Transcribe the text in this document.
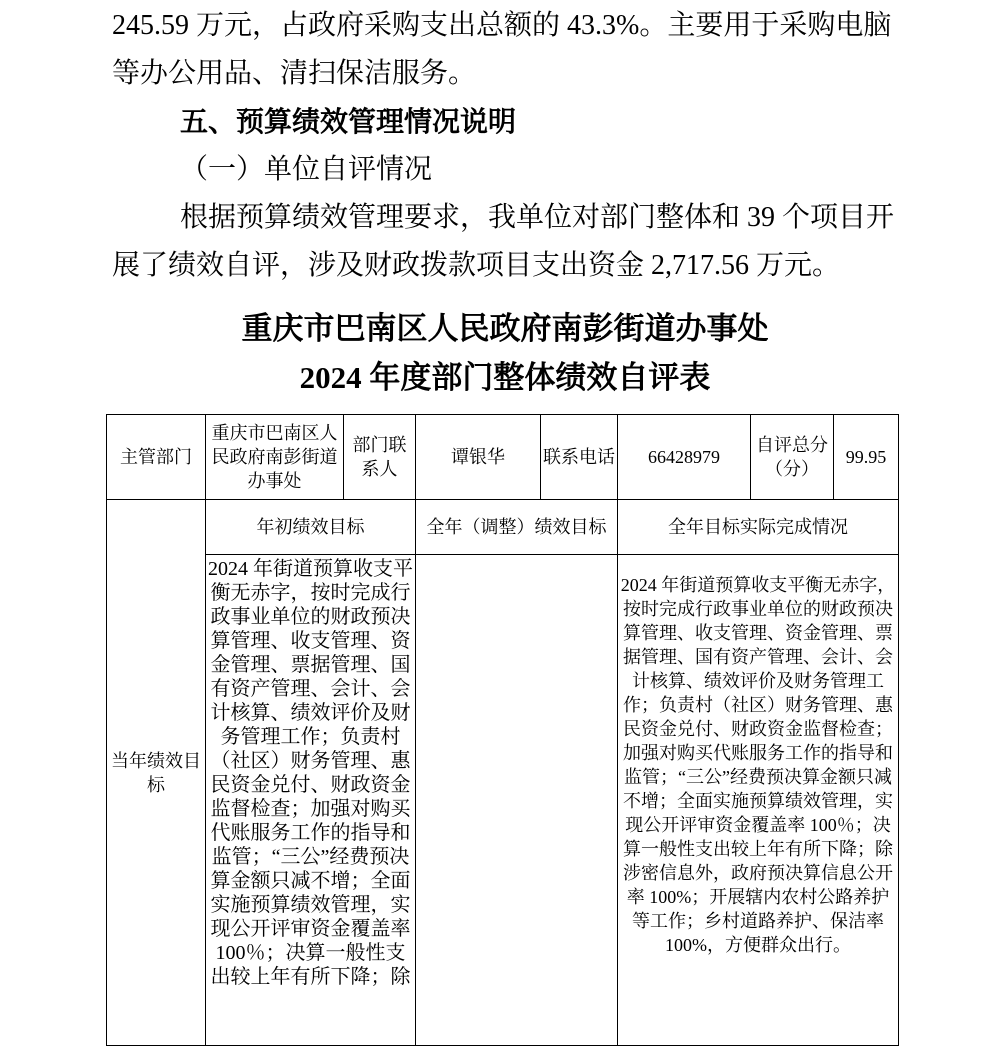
245.59 万元，占政府采购支出总额的 43.3%。主要用于采购电脑
等办公用品、清扫保洁服务。

五、预算绩效管理情况说明

（一）单位自评情况

根据预算绩效管理要求，我单位对部门整体和 39 个项目开
展了绩效自评，涉及财政拨款项目支出资金 2,717.56 万元。

重庆市巴南区人民政府南彭街道办事处
2024 年度部门整体绩效自评表
主管部门	重庆市巴南区人民政府南彭街道办事处	部门联系人	谭银华	联系电话	66428979	自评总分（分）	99.95
当年绩效目标	年初绩效目标		全年（调整）绩效目标		全年目标实际完成情况		

	2024 年街道预算收支平衡无赤字，按时完成行政事业单位的财政预决算管理、收支管理、资金管理、票据管理、国有资产管理、会计、会计核算、绩效评价及财务管理工作；负责村（社区）财务管理、惠民资金兑付、财政资金监督检查；加强对购买代账服务工作的指导和监管；“三公”经费预决算金额只减不增；全面实施预算绩效管理，实现公开评审资金覆盖率 100％；决算一般性支出较上年有所下降；除				2024 年街道预算收支平衡无赤字，按时完成行政事业单位的财政预决算管理、收支管理、资金管理、票据管理、国有资产管理、会计、会计核算、绩效评价及财务管理工作；负责村（社区）财务管理、惠民资金兑付、财政资金监督检查；加强对购买代账服务工作的指导和监管；“三公”经费预决算金额只减不增；全面实施预算绩效管理，实现公开评审资金覆盖率 100％；决算一般性支出较上年有所下降；除涉密信息外，政府预决算信息公开率 100%；开展辖内农村公路养护等工作；乡村道路养护、保洁率 100%，方便群众出行。		
